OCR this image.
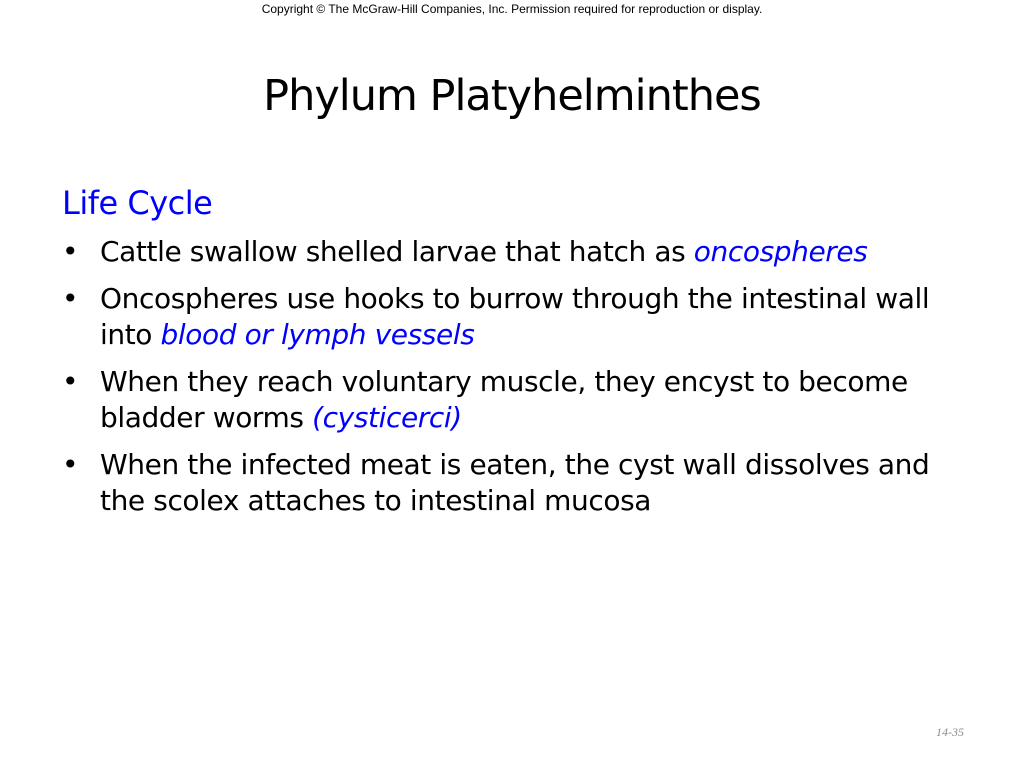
Copyright © The McGraw-Hill Companies, Inc. Permission required for reproduction or display.
Phylum Platyhelminthes
Life Cycle
• Cattle swallow shelled larvae that hatch as oncospheres
• Oncospheres use hooks to burrow through the intestinal wall into blood or lymph vessels
• When they reach voluntary muscle, they encyst to become bladder worms (cysticerci)
• When the infected meat is eaten, the cyst wall dissolves and the scolex attaches to intestinal mucosa
14-35
